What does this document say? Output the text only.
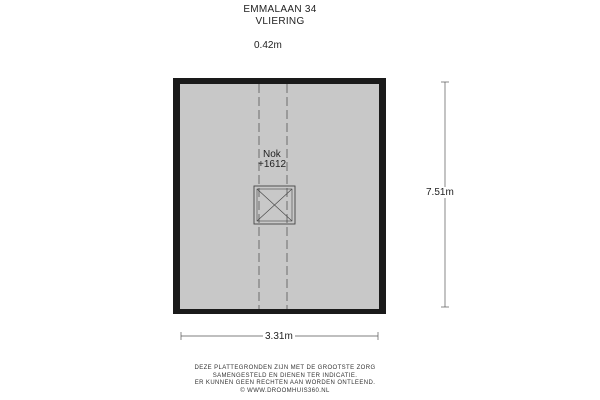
EMMALAAN 34
VLIERING
0.42m
Nok
+1612
7.51m
3.31m
DEZE PLATTEGRONDEN ZIJN MET DE GROOTSTE ZORG
SAMENGESTELD EN DIENEN TER INDICATIE.
ER KUNNEN GEEN RECHTEN AAN WORDEN ONTLEEND.
© WWW.DROOMHUIS360.NL
